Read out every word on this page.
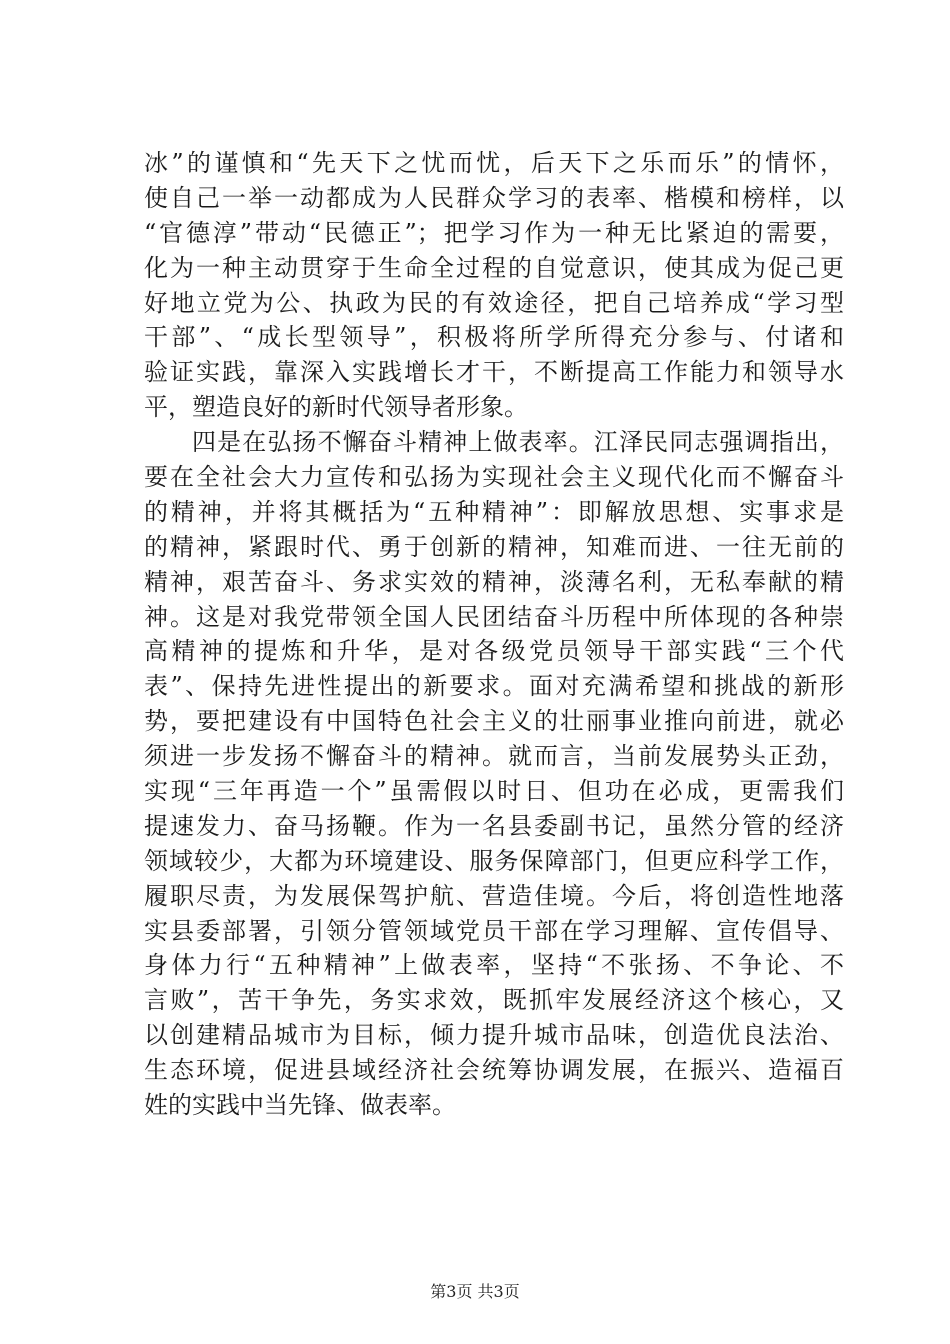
冰”的谨慎和“先天下之忧而忧，后天下之乐而乐”的情怀，
使自己一举一动都成为人民群众学习的表率、楷模和榜样，以
“官德淳”带动“民德正”；把学习作为一种无比紧迫的需要，
化为一种主动贯穿于生命全过程的自觉意识，使其成为促己更
好地立党为公、执政为民的有效途径，把自己培养成“学习型
干部”、“成长型领导”，积极将所学所得充分参与、付诸和
验证实践，靠深入实践增长才干，不断提高工作能力和领导水
平，塑造良好的新时代领导者形象。
四是在弘扬不懈奋斗精神上做表率。江泽民同志强调指出，
要在全社会大力宣传和弘扬为实现社会主义现代化而不懈奋斗
的精神，并将其概括为“五种精神”：即解放思想、实事求是
的精神，紧跟时代、勇于创新的精神，知难而进、一往无前的
精神，艰苦奋斗、务求实效的精神，淡薄名利，无私奉献的精
神。这是对我党带领全国人民团结奋斗历程中所体现的各种崇
高精神的提炼和升华，是对各级党员领导干部实践“三个代
表”、保持先进性提出的新要求。面对充满希望和挑战的新形
势，要把建设有中国特色社会主义的壮丽事业推向前进，就必
须进一步发扬不懈奋斗的精神。就而言，当前发展势头正劲，
实现“三年再造一个”虽需假以时日、但功在必成，更需我们
提速发力、奋马扬鞭。作为一名县委副书记，虽然分管的经济
领域较少，大都为环境建设、服务保障部门，但更应科学工作，
履职尽责，为发展保驾护航、营造佳境。今后，将创造性地落
实县委部署，引领分管领域党员干部在学习理解、宣传倡导、
身体力行“五种精神”上做表率，坚持“不张扬、不争论、不
言败”，苦干争先，务实求效，既抓牢发展经济这个核心，又
以创建精品城市为目标，倾力提升城市品味，创造优良法治、
生态环境，促进县域经济社会统筹协调发展，在振兴、造福百
姓的实践中当先锋、做表率。
第3页 共3页
